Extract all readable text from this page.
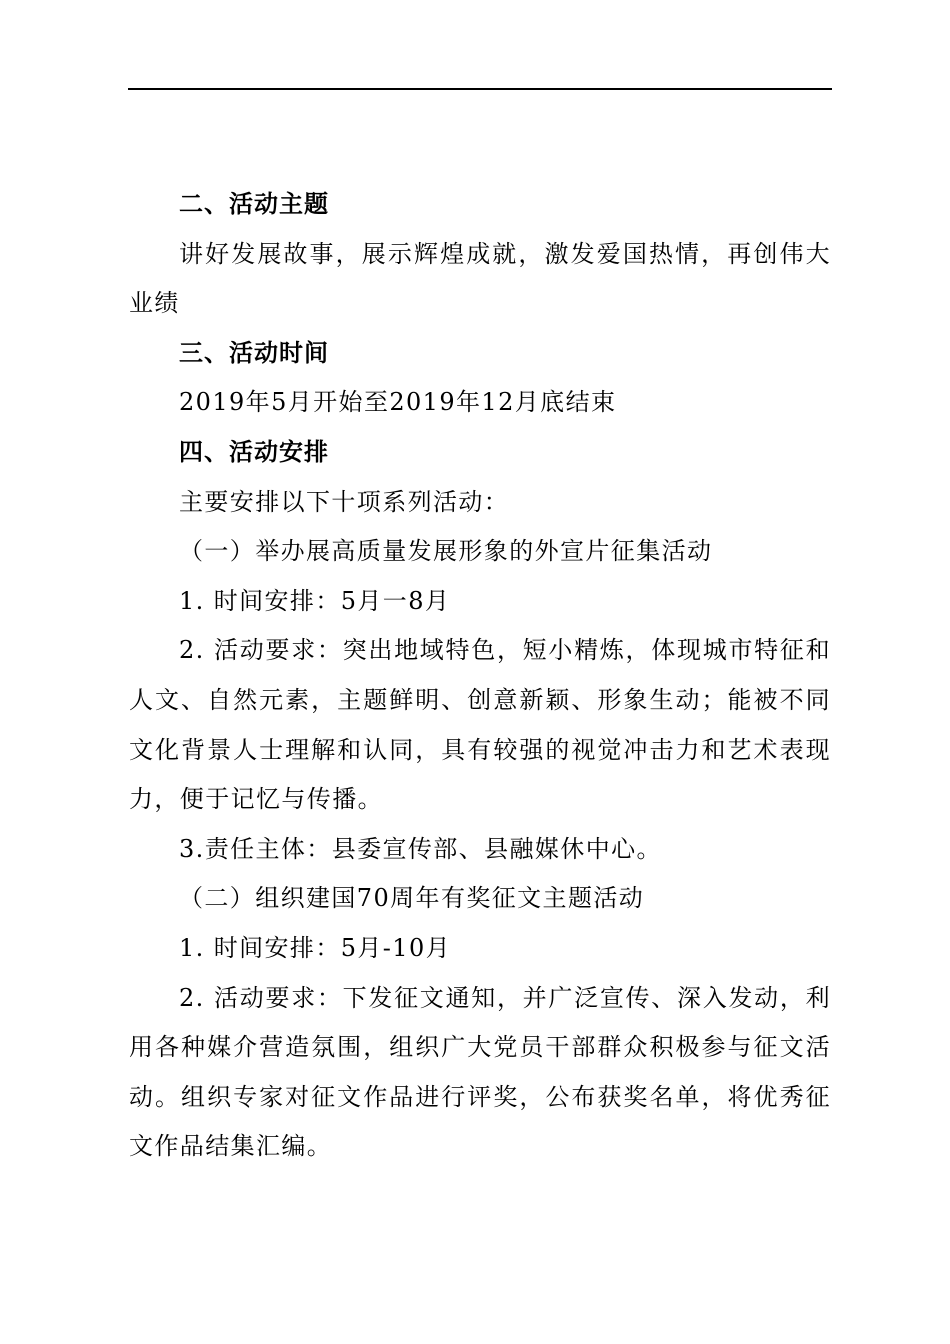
二、活动主题

讲好发展故事，展示辉煌成就，激发爱国热情，再创伟大业绩

三、活动时间

2019年5月开始至2019年12月底结束

四、活动安排

主要安排以下十项系列活动：

（一）举办展高质量发展形象的外宣片征集活动

1. 时间安排：5月一8月

2. 活动要求：突出地域特色，短小精炼，体现城市特征和人文、自然元素，主题鲜明、创意新颖、形象生动；能被不同文化背景人士理解和认同，具有较强的视觉冲击力和艺术表现力，便于记忆与传播。

3.责任主体：县委宣传部、县融媒休中心。

（二）组织建国70周年有奖征文主题活动

1. 时间安排：5月-10月

2. 活动要求：下发征文通知，并广泛宣传、深入发动，利用各种媒介营造氛围，组织广大党员干部群众积极参与征文活动。组织专家对征文作品进行评奖，公布获奖名单，将优秀征文作品结集汇编。
